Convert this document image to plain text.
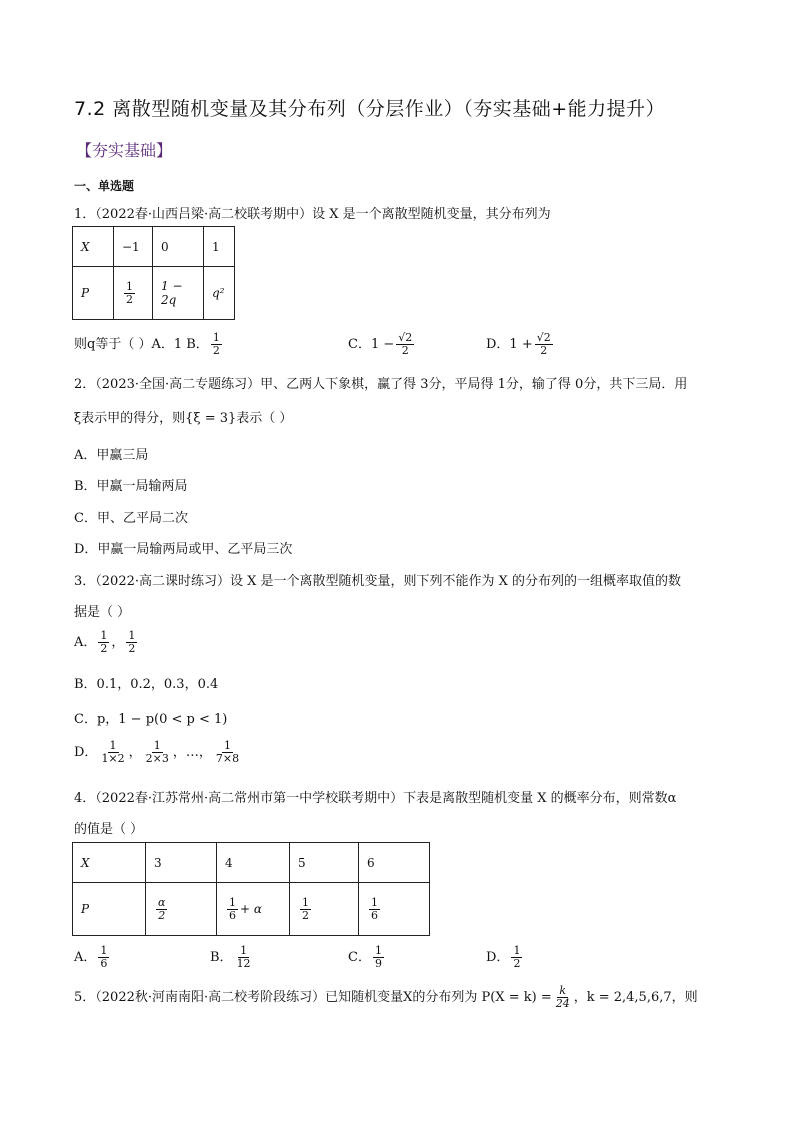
7.2 离散型随机变量及其分布列（分层作业）（夯实基础+能力提升）
【夯实基础】
一、单选题
1．（2022春·山西吕梁·高二校联考期中）设 X 是一个离散型随机变量，其分布列为
X	−1	0	1
P	$\frac{1}{2}$	1 − 2q	q²
则q等于（ ）A．1 B． $\frac{1}{2}$	C．$1 - \frac{√2}{2}$	D．$1 + \frac{√2}{2}$
2．（2023·全国·高二专题练习）甲、乙两人下象棋，赢了得 3分，平局得 1分，输了得 0分，共下三局．用
ξ表示甲的得分，则{ξ = 3}表示（ ）
A．甲赢三局
B．甲赢一局输两局
C．甲、乙平局二次
D．甲赢一局输两局或甲、乙平局三次
3．（2022·高二课时练习）设 X 是一个离散型随机变量，则下列不能作为 X 的分布列的一组概率取值的数
据是（ ）
A． $\frac{1}{2}$ ， $\frac{1}{2}$
B．0.1，0.2，0.3，0.4
C．p，1 − p(0 < p < 1)
D． $\frac{1}{1\times 2}$ ， $\frac{1}{2\times 3}$ ，…， $\frac{1}{7\times 8}$
4．（2022春·江苏常州·高二常州市第一中学校联考期中）下表是离散型随机变量 X 的概率分布，则常数α
的值是（ ）
X	3	4	5	6
P	$\frac{\alpha}{2}$	$\frac{1}{6} + \alpha$	$\frac{1}{2}$	$\frac{1}{6}$
A． $\frac{1}{6}$	B． $\frac{1}{12}$	C． $\frac{1}{9}$	D． $\frac{1}{2}$
5．（2022秋·河南南阳·高二校考阶段练习）已知随机变量X的分布列为 $P(X = k) = \frac{k}{24}$ ，k = 2,4,5,6,7，则
